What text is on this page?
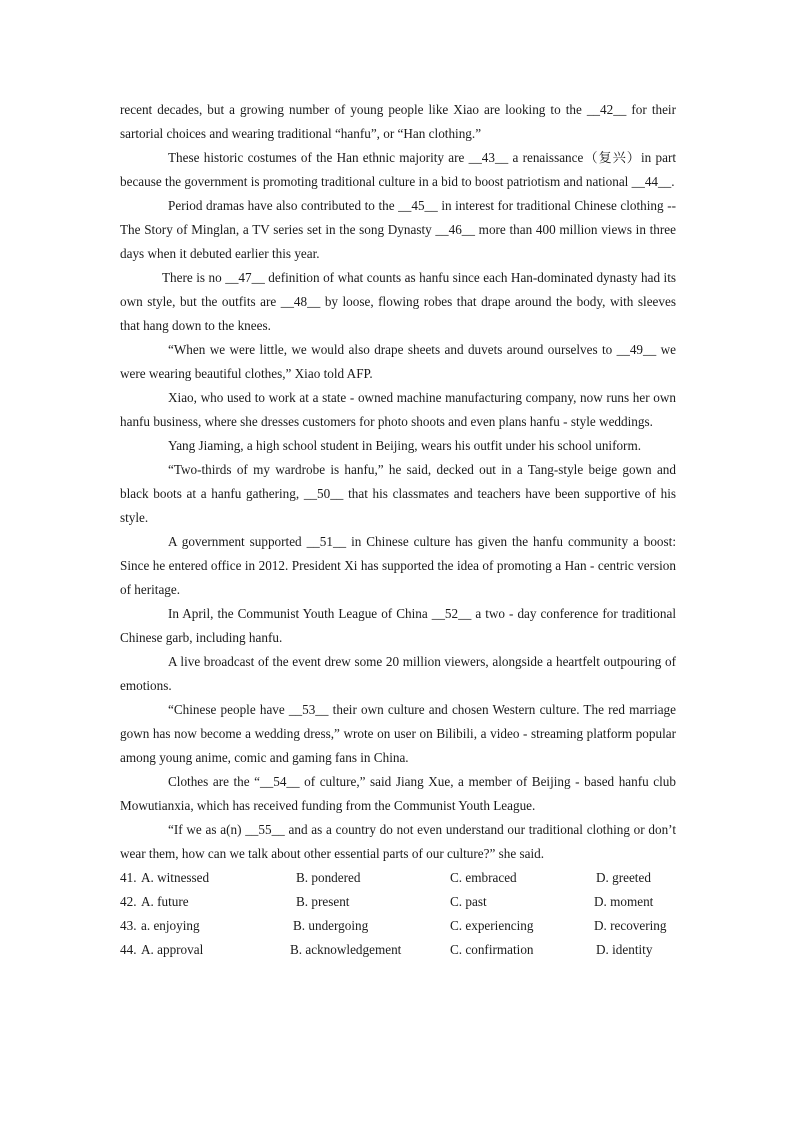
recent decades, but a growing number of young people like Xiao are looking to the __42__ for their sartorial choices and wearing traditional “hanfu”, or “Han clothing.”

These historic costumes of the Han ethnic majority are __43__ a renaissance（复兴）in part because the government is promoting traditional culture in a bid to boost patriotism and national __44__.

Period dramas have also contributed to the __45__ in interest for traditional Chinese clothing -- The Story of Minglan, a TV series set in the song Dynasty __46__ more than 400 million views in three days when it debuted earlier this year.

There is no __47__ definition of what counts as hanfu since each Han-dominated dynasty had its own style, but the outfits are __48__ by loose, flowing robes that drape around the body, with sleeves that hang down to the knees.

“When we were little, we would also drape sheets and duvets around ourselves to __49__ we were wearing beautiful clothes,” Xiao told AFP.

Xiao, who used to work at a state - owned machine manufacturing company, now runs her own hanfu business, where she dresses customers for photo shoots and even plans hanfu - style weddings.

Yang Jiaming, a high school student in Beijing, wears his outfit under his school uniform.

“Two-thirds of my wardrobe is hanfu,” he said, decked out in a Tang-style beige gown and black boots at a hanfu gathering, __50__ that his classmates and teachers have been supportive of his style.

A government supported __51__ in Chinese culture has given the hanfu community a boost: Since he entered office in 2012. President Xi has supported the idea of promoting a Han - centric version of heritage.

In April, the Communist Youth League of China __52__ a two - day conference for traditional Chinese garb, including hanfu.

A live broadcast of the event drew some 20 million viewers, alongside a heartfelt outpouring of emotions.

“Chinese people have __53__ their own culture and chosen Western culture. The red marriage gown has now become a wedding dress,” wrote on user on Bilibili, a video - streaming platform popular among young anime, comic and gaming fans in China.

Clothes are the “__54__ of culture,” said Jiang Xue, a member of Beijing - based hanfu club Mowutianxia, which has received funding from the Communist Youth League.

“If we as a(n) __55__ and as a country do not even understand our traditional clothing or don’t wear them, how can we talk about other essential parts of our culture?” she said.

41. A. witnessed	B. pondered	C. embraced	D. greeted
42. A. future	B. present	C. past	D. moment
43. a. enjoying	B. undergoing	C. experiencing	D. recovering
44. A. approval	B. acknowledgement	C. confirmation	D. identity
